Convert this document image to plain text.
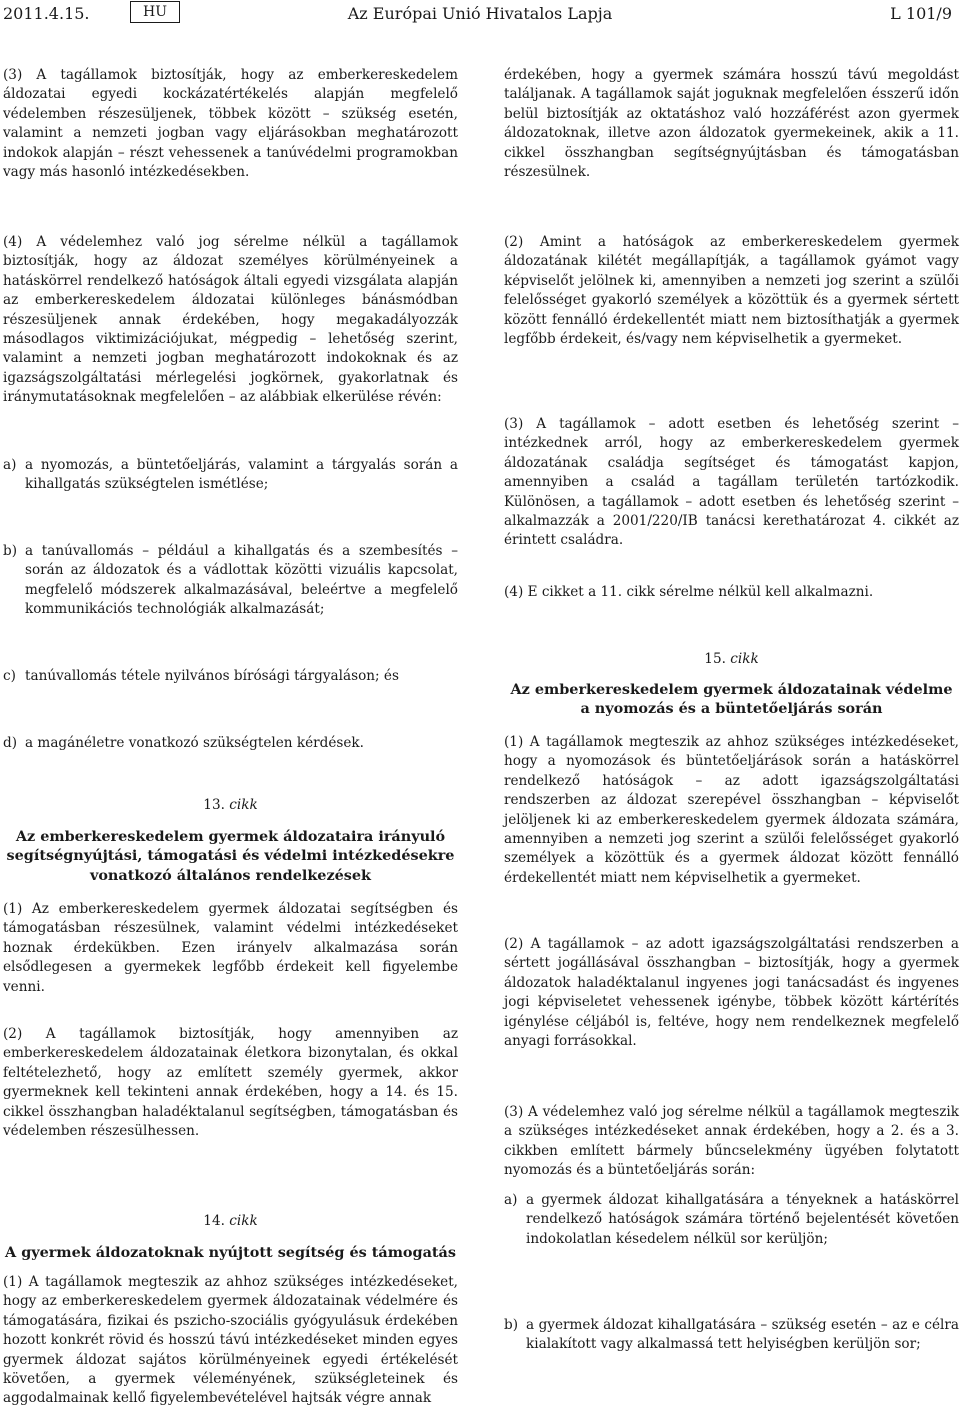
2011.4.15.	HU	Az Európai Unió Hivatalos Lapja	L 101/9

(3) A tagállamok biztosítják, hogy az emberkereskedelem áldozatai egyedi kockázatértékelés alapján megfelelő védelemben részesüljenek, többek között – szükség esetén, valamint a nemzeti jogban vagy eljárásokban meghatározott indokok alapján – részt vehessenek a tanúvédelmi programokban vagy más hasonló intézkedésekben.

(4) A védelemhez való jog sérelme nélkül a tagállamok biztosítják, hogy az áldozat személyes körülményeinek a hatáskörrel rendelkező hatóságok általi egyedi vizsgálata alapján az emberkereskedelem áldozatai különleges bánásmódban részesüljenek annak érdekében, hogy megakadályozzák másodlagos viktimizációjukat, mégpedig – lehetőség szerint, valamint a nemzeti jogban meghatározott indokoknak és az igazságszolgáltatási mérlegelési jogkörnek, gyakorlatnak és iránymutatásoknak megfelelően – az alábbiak elkerülése révén:

a) a nyomozás, a büntetőeljárás, valamint a tárgyalás során a kihallgatás szükségtelen ismétlése;
b) a tanúvallomás – például a kihallgatás és a szembesítés – során az áldozatok és a vádlottak közötti vizuális kapcsolat, megfelelő módszerek alkalmazásával, beleértve a megfelelő kommunikációs technológiák alkalmazását;
c) tanúvallomás tétele nyilvános bírósági tárgyaláson; és
d) a magánéletre vonatkozó szükségtelen kérdések.

13. cikk

Az emberkereskedelem gyermek áldozataira irányuló segítségnyújtási, támogatási és védelmi intézkedésekre vonatkozó általános rendelkezések

(1) Az emberkereskedelem gyermek áldozatai segítségben és támogatásban részesülnek, valamint védelmi intézkedéseket hoznak érdekükben. Ezen irányelv alkalmazása során elsődlegesen a gyermekek legfőbb érdekeit kell figyelembe venni.

(2) A tagállamok biztosítják, hogy amennyiben az emberkereskedelem áldozatainak életkora bizonytalan, és okkal feltételezhető, hogy az említett személy gyermek, akkor gyermeknek kell tekinteni annak érdekében, hogy a 14. és 15. cikkel összhangban haladéktalanul segítségben, támogatásban és védelemben részesülhessen.

14. cikk

A gyermek áldozatoknak nyújtott segítség és támogatás

(1) A tagállamok megteszik az ahhoz szükséges intézkedéseket, hogy az emberkereskedelem gyermek áldozatainak védelmére és támogatására, fizikai és pszicho-szociális gyógyulásuk érdekében hozott konkrét rövid és hosszú távú intézkedéseket minden egyes gyermek áldozat sajátos körülményeinek egyedi értékelését követően, a gyermek véleményének, szükségleteinek és aggodalmainak kellő figyelembevételével hajtsák végre annak

érdekében, hogy a gyermek számára hosszú távú megoldást találjanak. A tagállamok saját joguknak megfelelően ésszerű időn belül biztosítják az oktatáshoz való hozzáférést azon gyermek áldozatoknak, illetve azon áldozatok gyermekeinek, akik a 11. cikkel összhangban segítségnyújtásban és támogatásban részesülnek.

(2) Amint a hatóságok az emberkereskedelem gyermek áldozatának kilétét megállapítják, a tagállamok gyámot vagy képviselőt jelölnek ki, amennyiben a nemzeti jog szerint a szülői felelősséget gyakorló személyek a közöttük és a gyermek sértett között fennálló érdekellentét miatt nem biztosíthatják a gyermek legfőbb érdekeit, és/vagy nem képviselhetik a gyermeket.

(3) A tagállamok – adott esetben és lehetőség szerint – intézkednek arról, hogy az emberkereskedelem gyermek áldozatának családja segítséget és támogatást kapjon, amennyiben a család a tagállam területén tartózkodik. Különösen, a tagállamok – adott esetben és lehetőség szerint – alkalmazzák a 2001/220/IB tanácsi kerethatározat 4. cikkét az érintett családra.

(4) E cikket a 11. cikk sérelme nélkül kell alkalmazni.

15. cikk

Az emberkereskedelem gyermek áldozatainak védelme a nyomozás és a büntetőeljárás során

(1) A tagállamok megteszik az ahhoz szükséges intézkedéseket, hogy a nyomozások és büntetőeljárások során a hatáskörrel rendelkező hatóságok – az adott igazságszolgáltatási rendszerben az áldozat szerepével összhangban – képviselőt jelöljenek ki az emberkereskedelem gyermek áldozata számára, amennyiben a nemzeti jog szerint a szülői felelősséget gyakorló személyek a közöttük és a gyermek áldozat között fennálló érdekellentét miatt nem képviselhetik a gyermeket.

(2) A tagállamok – az adott igazságszolgáltatási rendszerben a sértett jogállásával összhangban – biztosítják, hogy a gyermek áldozatok haladéktalanul ingyenes jogi tanácsadást és ingyenes jogi képviseletet vehessenek igénybe, többek között kártérítés igénylése céljából is, feltéve, hogy nem rendelkeznek megfelelő anyagi forrásokkal.

(3) A védelemhez való jog sérelme nélkül a tagállamok megteszik a szükséges intézkedéseket annak érdekében, hogy a 2. és a 3. cikkben említett bármely bűncselekmény ügyében folytatott nyomozás és a büntetőeljárás során:

a) a gyermek áldozat kihallgatására a tényeknek a hatáskörrel rendelkező hatóságok számára történő bejelentését követően indokolatlan késedelem nélkül sor kerüljön;
b) a gyermek áldozat kihallgatására – szükség esetén – az e célra kialakított vagy alkalmassá tett helyiségben kerüljön sor;
